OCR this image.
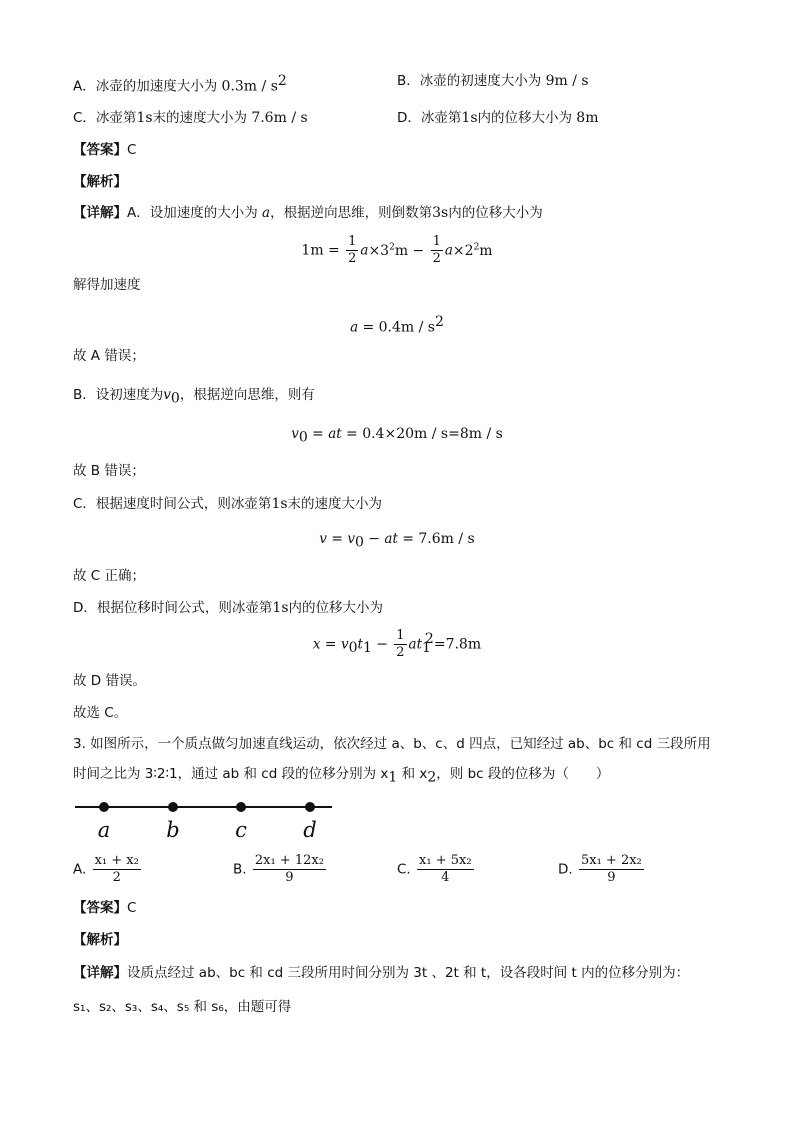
A．冰壶的加速度大小为 $0.3m / s^2$	B．冰壶的初速度大小为 9m / s
C．冰壶第1s末的速度大小为 7.6m / s	D．冰壶第1s内的位移大小为 8m
【答案】C
【解析】
【详解】A．设加速度的大小为 a，根据逆向思维，则倒数第3s内的位移大小为
$1m = \frac{1}{2} a\times 3^2m - \frac{1}{2} a\times 2^2m$
解得加速度
$a = 0.4m / s^2$
故 A 错误；
B．设初速度为$v_0$，根据逆向思维，则有
$v_0$ = at = 0.4×20m / s=8m / s
故 B 错误；
C．根据速度时间公式，则冰壶第1s末的速度大小为
$v = v_0$ − at = 7.6m / s
故 C 正确；
D．根据位移时间公式，则冰壶第1s内的位移大小为
$x = v_0t_1 - \frac{1}{2} at_1^2=7.8m$
故 D 错误。
故选 C。
3. 如图所示，一个质点做匀加速直线运动，依次经过 a、b、c、d 四点，已知经过 ab、bc 和 cd 三段所用
时间之比为 3∶2∶1，通过 ab 和 cd 段的位移分别为 $x_1$ 和 $x_2$，则 bc 段的位移为（　　）
a	b	c	d
A. $\frac{\text{x₁ + x₂}}{2}$	B. $\frac{\text{2x₁ + 12x₂}}{9}$	C. $\frac{\text{x₁ + 5x₂}}{4}$	D. $\frac{\text{5x₁ + 2x₂}}{9}$
【答案】C
【解析】
【详解】设质点经过 ab、bc 和 cd 三段所用时间分别为 3t 、2t 和 t，设各段时间 t 内的位移分别为：
s₁、s₂、s₃、s₄、s₅ 和 s₆，由题可得
